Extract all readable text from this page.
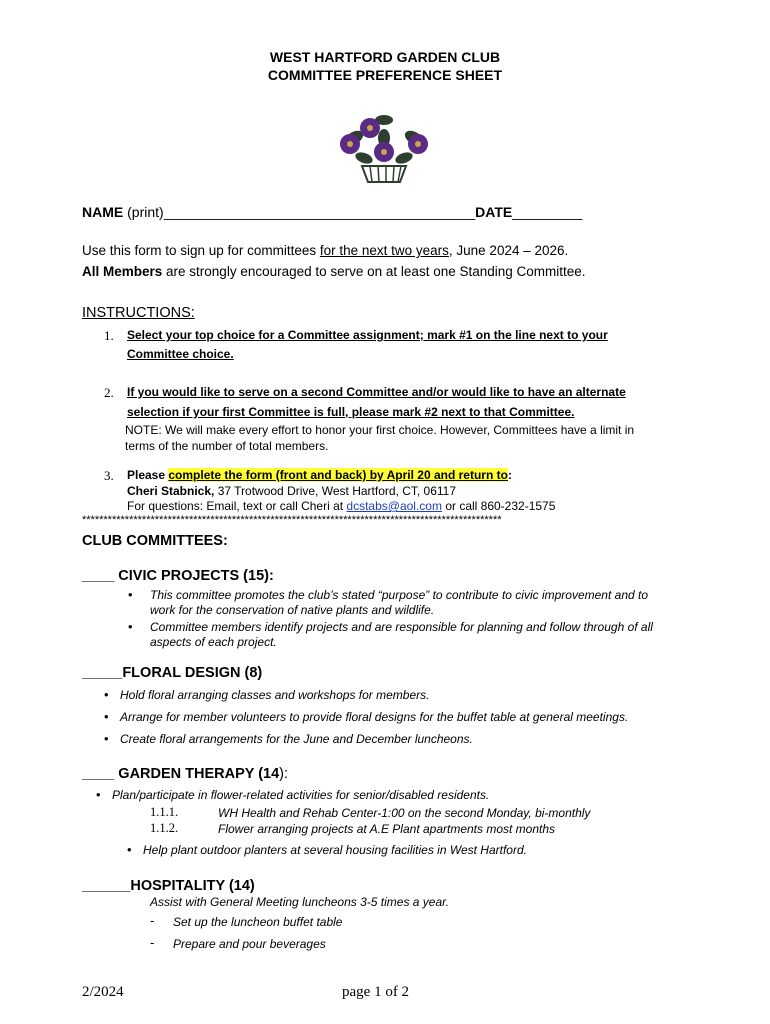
WEST HARTFORD GARDEN CLUB
COMMITTEE PREFERENCE SHEET
NAME (print)________________________________________DATE_________
Use this form to sign up for committees for the next two years, June 2024 – 2026.
All Members are strongly encouraged to serve on at least one Standing Committee.
INSTRUCTIONS:
1. Select your top choice for a Committee assignment; mark #1 on the line next to your
Committee choice.
2. If you would like to serve on a second Committee and/or would like to have an alternate
selection if your first Committee is full, please mark #2 next to that Committee.
NOTE: We will make every effort to honor your first choice. However, Committees have a limit in
terms of the number of total members.
3. Please complete the form (front and back) by April 20 and return to:
Cheri Stabnick, 37 Trotwood Drive, West Hartford, CT, 06117
For questions: Email, text or call Cheri at dcstabs@aol.com or call 860-232-1575
**************************************************************************************************
CLUB COMMITTEES:
____ CIVIC PROJECTS (15):
• This committee promotes the club’s stated “purpose” to contribute to civic improvement and to
work for the conservation of native plants and wildlife.
• Committee members identify projects and are responsible for planning and follow through of all
aspects of each project.
_____FLORAL DESIGN (8)
• Hold floral arranging classes and workshops for members.
• Arrange for member volunteers to provide floral designs for the buffet table at general meetings.
• Create floral arrangements for the June and December luncheons.
____ GARDEN THERAPY (14):
• Plan/participate in flower-related activities for senior/disabled residents.
1.1.1.	WH Health and Rehab Center-1:00 on the second Monday, bi-monthly
1.1.2.	Flower arranging projects at A.E Plant apartments most months
• Help plant outdoor planters at several housing facilities in West Hartford.
______HOSPITALITY (14)
Assist with General Meeting luncheons 3-5 times a year.
- Set up the luncheon buffet table
- Prepare and pour beverages
2/2024	page 1 of 2
